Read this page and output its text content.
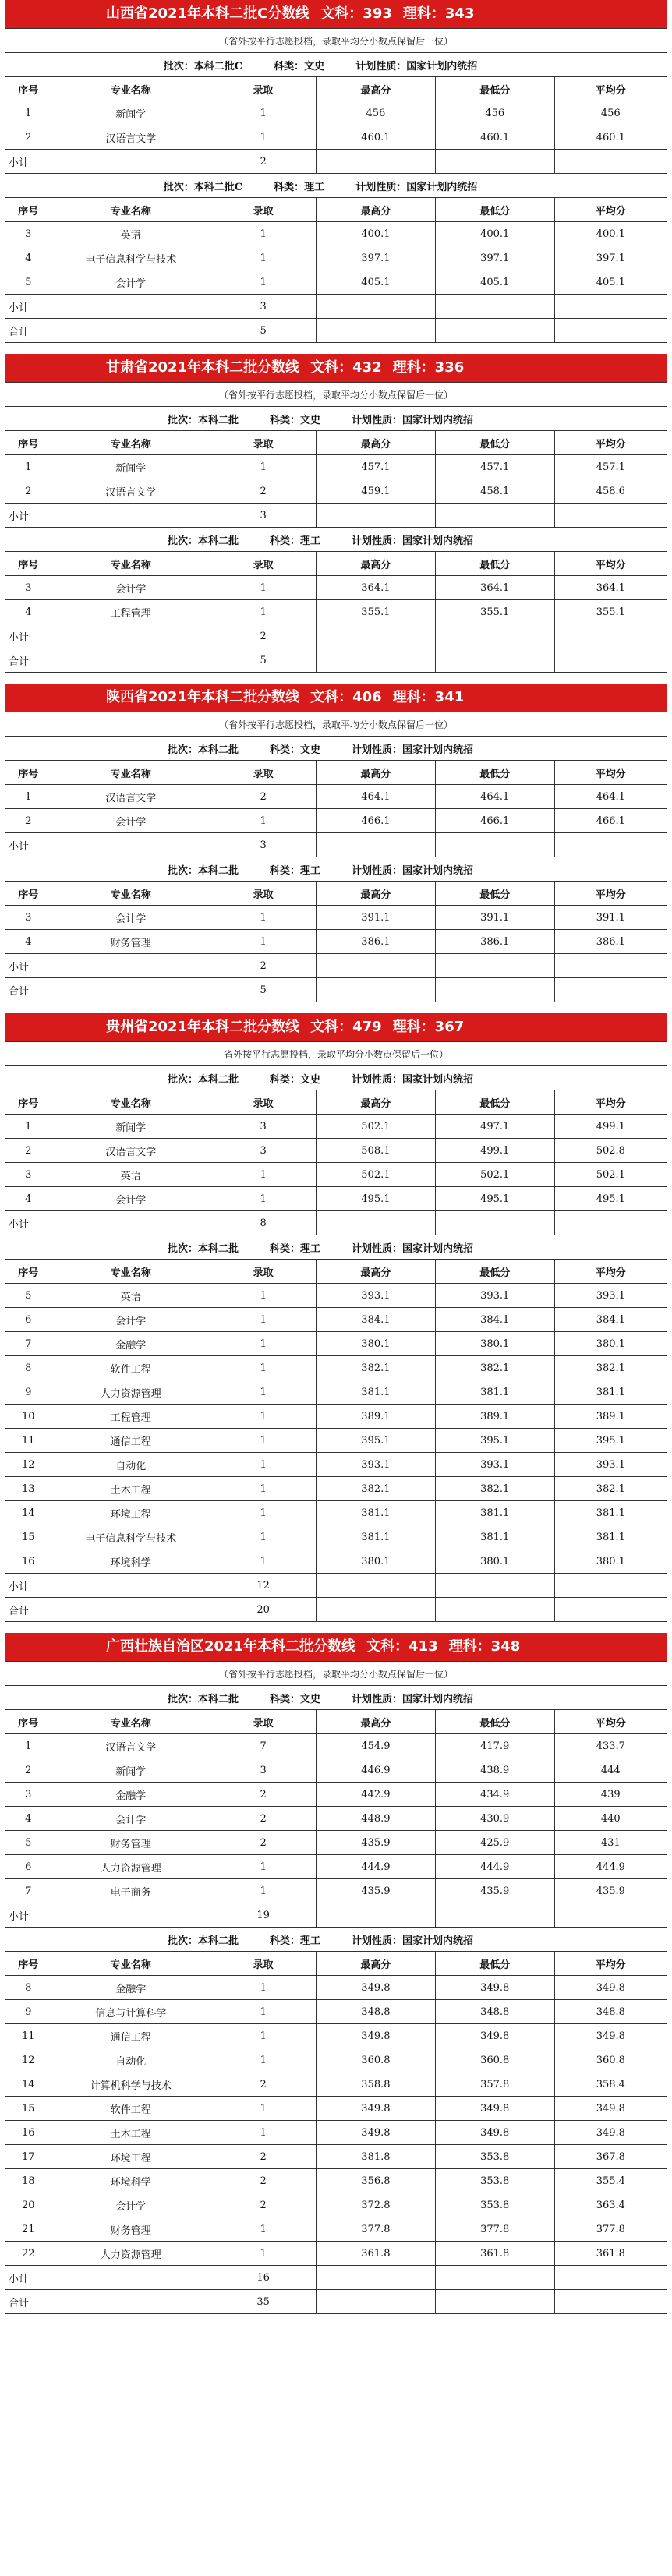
山西省2021年本科二批C分数线 文科：393 理科：343
（省外按平行志愿投档，录取平均分小数点保留后一位）					
批次：本科二批C 科类：文史 计划性质：国家计划内统招					
序号	专业名称	录取	最高分	最低分	平均分
1	新闻学	1	456	456	456
2	汉语言文学	1	460.1	460.1	460.1
小计		2			
批次：本科二批C 科类：理工 计划性质：国家计划内统招					
序号	专业名称	录取	最高分	最低分	平均分
3	英语	1	400.1	400.1	400.1
4	电子信息科学与技术	1	397.1	397.1	397.1
5	会计学	1	405.1	405.1	405.1
小计		3			
合计		5			
甘肃省2021年本科二批分数线 文科：432 理科：336
（省外按平行志愿投档，录取平均分小数点保留后一位）					
批次：本科二批 科类：文史 计划性质：国家计划内统招					
序号	专业名称	录取	最高分	最低分	平均分
1	新闻学	1	457.1	457.1	457.1
2	汉语言文学	2	459.1	458.1	458.6
小计		3			
批次：本科二批 科类：理工 计划性质：国家计划内统招					
序号	专业名称	录取	最高分	最低分	平均分
3	会计学	1	364.1	364.1	364.1
4	工程管理	1	355.1	355.1	355.1
小计		2			
合计		5			
陕西省2021年本科二批分数线 文科：406 理科：341
（省外按平行志愿投档，录取平均分小数点保留后一位）					
批次：本科二批 科类：文史 计划性质：国家计划内统招					
序号	专业名称	录取	最高分	最低分	平均分
1	汉语言文学	2	464.1	464.1	464.1
2	会计学	1	466.1	466.1	466.1
小计		3			
批次：本科二批 科类：理工 计划性质：国家计划内统招					
序号	专业名称	录取	最高分	最低分	平均分
3	会计学	1	391.1	391.1	391.1
4	财务管理	1	386.1	386.1	386.1
小计		2			
合计		5			
贵州省2021年本科二批分数线 文科：479 理科：367
省外按平行志愿投档，录取平均分小数点保留后一位）					
批次：本科二批 科类：文史 计划性质：国家计划内统招					
序号	专业名称	录取	最高分	最低分	平均分
1	新闻学	3	502.1	497.1	499.1
2	汉语言文学	3	508.1	499.1	502.8
3	英语	1	502.1	502.1	502.1
4	会计学	1	495.1	495.1	495.1
小计		8			
批次：本科二批 科类：理工 计划性质：国家计划内统招					
序号	专业名称	录取	最高分	最低分	平均分
5	英语	1	393.1	393.1	393.1
6	会计学	1	384.1	384.1	384.1
7	金融学	1	380.1	380.1	380.1
8	软件工程	1	382.1	382.1	382.1
9	人力资源管理	1	381.1	381.1	381.1
10	工程管理	1	389.1	389.1	389.1
11	通信工程	1	395.1	395.1	395.1
12	自动化	1	393.1	393.1	393.1
13	土木工程	1	382.1	382.1	382.1
14	环境工程	1	381.1	381.1	381.1
15	电子信息科学与技术	1	381.1	381.1	381.1
16	环境科学	1	380.1	380.1	380.1
小计		12			
合计		20			
广西壮族自治区2021年本科二批分数线 文科：413 理科：348
（省外按平行志愿投档，录取平均分小数点保留后一位）					
批次：本科二批 科类：文史 计划性质：国家计划内统招					
序号	专业名称	录取	最高分	最低分	平均分
1	汉语言文学	7	454.9	417.9	433.7
2	新闻学	3	446.9	438.9	444
3	金融学	2	442.9	434.9	439
4	会计学	2	448.9	430.9	440
5	财务管理	2	435.9	425.9	431
6	人力资源管理	1	444.9	444.9	444.9
7	电子商务	1	435.9	435.9	435.9
小计		19			
批次：本科二批 科类：理工 计划性质：国家计划内统招					
序号	专业名称	录取	最高分	最低分	平均分
8	金融学	1	349.8	349.8	349.8
9	信息与计算科学	1	348.8	348.8	348.8
11	通信工程	1	349.8	349.8	349.8
12	自动化	1	360.8	360.8	360.8
14	计算机科学与技术	2	358.8	357.8	358.4
15	软件工程	1	349.8	349.8	349.8
16	土木工程	1	349.8	349.8	349.8
17	环境工程	2	381.8	353.8	367.8
18	环境科学	2	356.8	353.8	355.4
20	会计学	2	372.8	353.8	363.4
21	财务管理	1	377.8	377.8	377.8
22	人力资源管理	1	361.8	361.8	361.8
小计		16			
合计		35			
